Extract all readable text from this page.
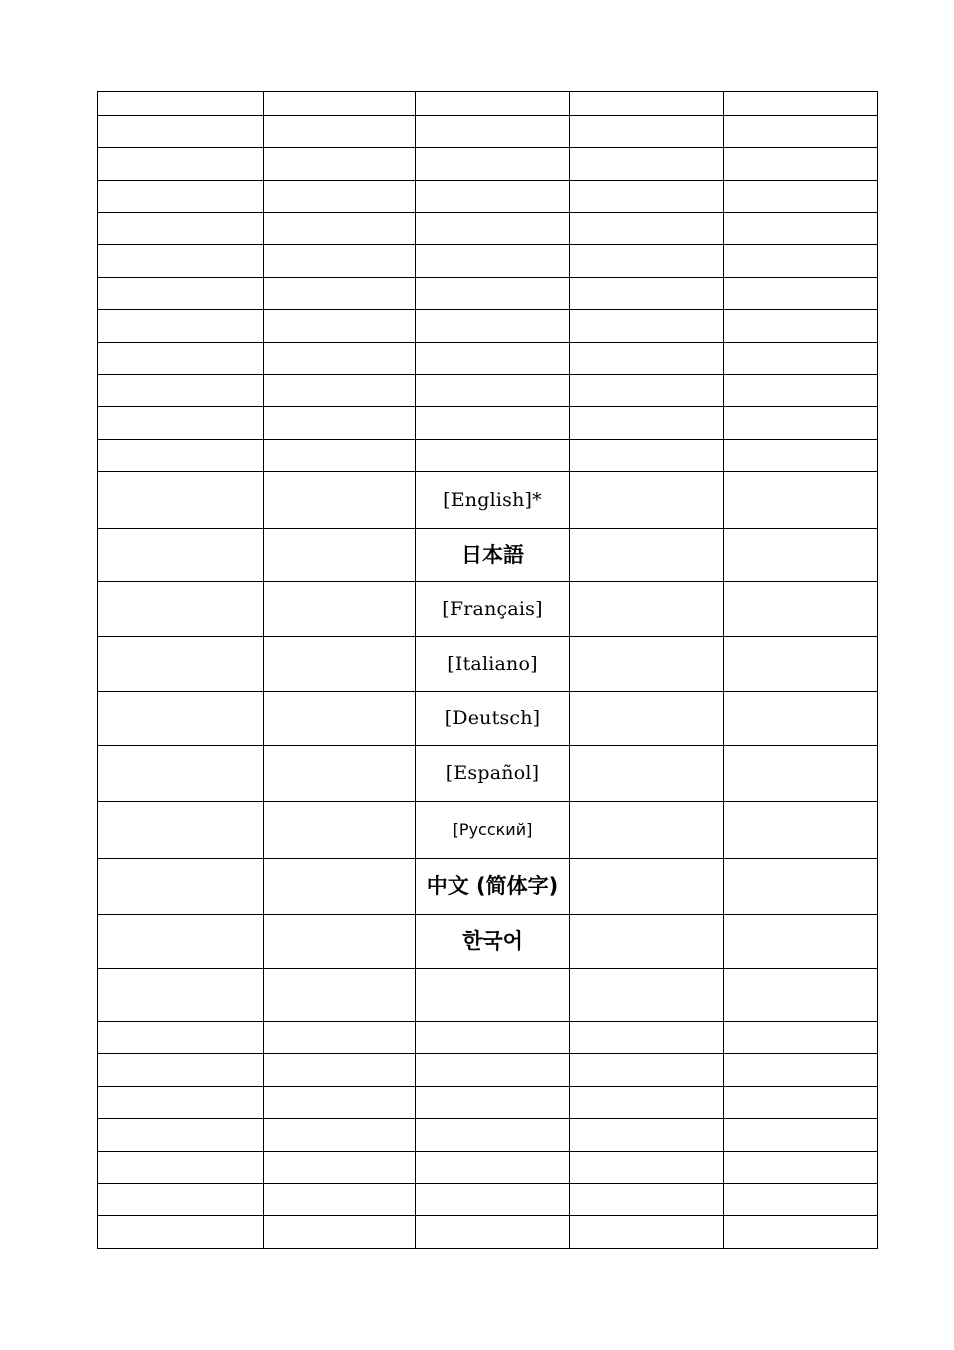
		[English]*		
		日本語		
		[Français]		
		[Italiano]		
		[Deutsch]		
		[Español]		
		[Русский]		
		中文 (简体字)		
		한국어		
